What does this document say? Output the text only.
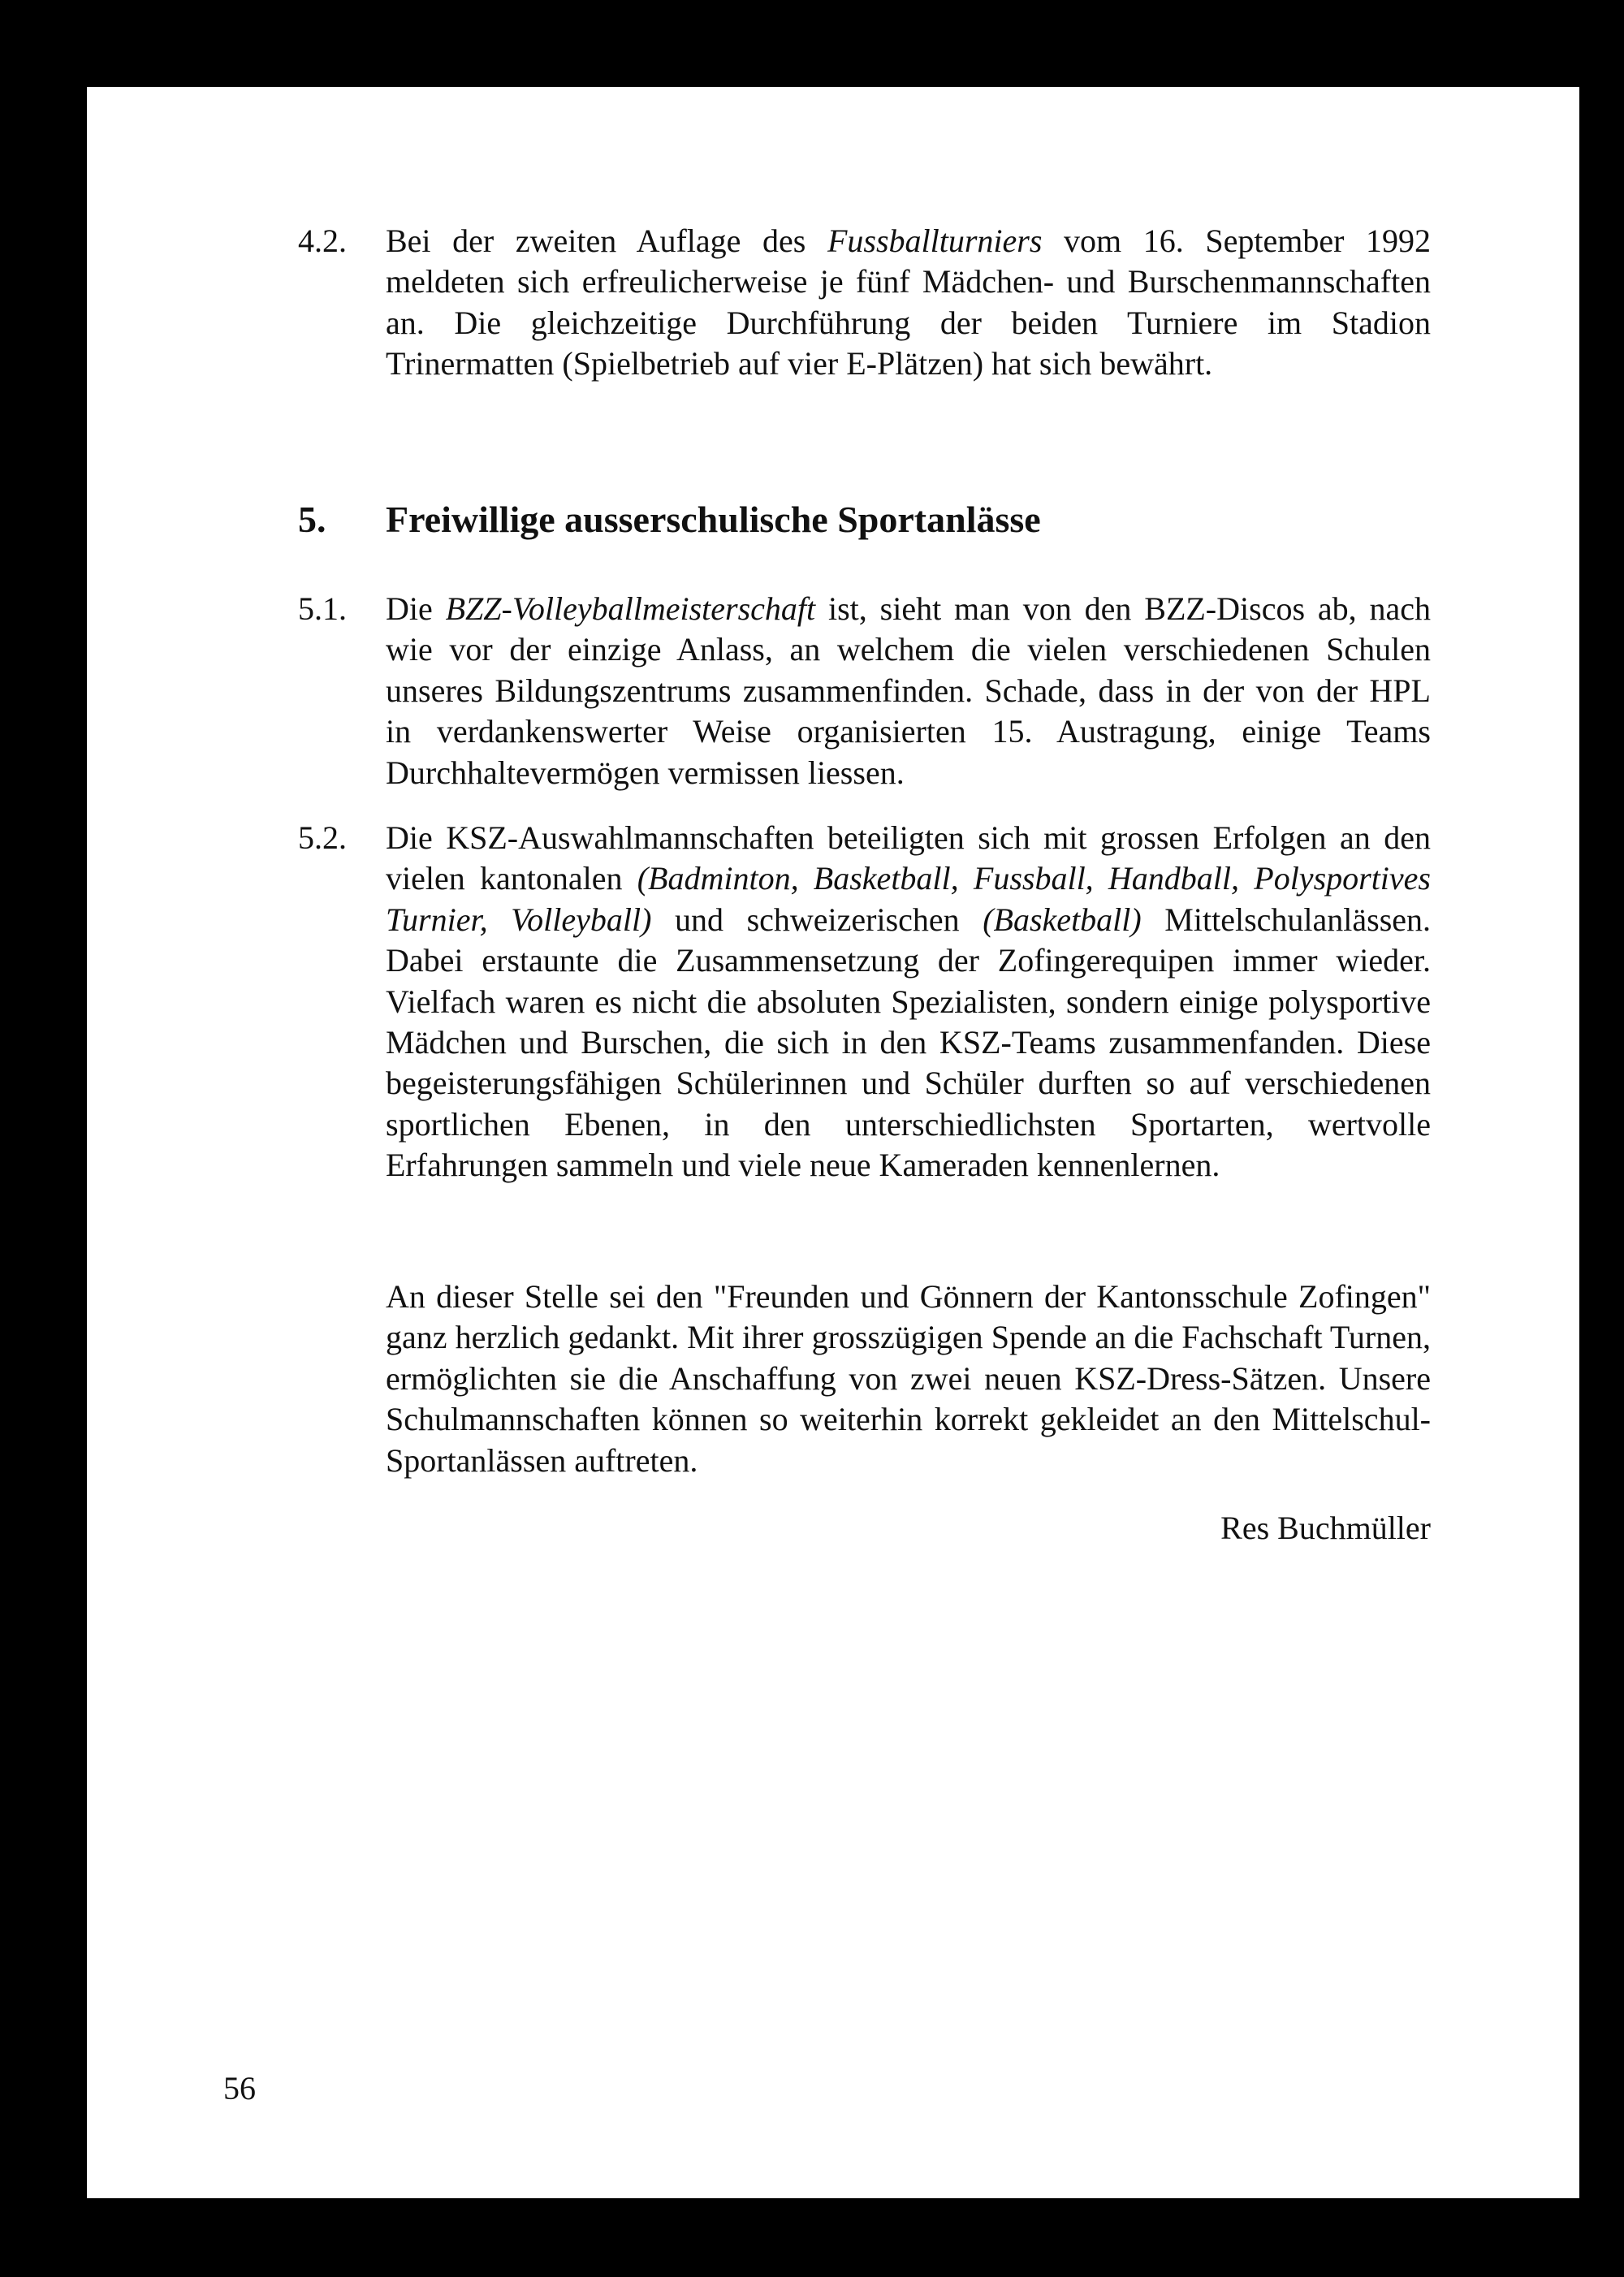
4.2. Bei der zweiten Auflage des Fussballturniers vom 16. September 1992 meldeten sich erfreulicherweise je fünf Mädchen- und Burschenmannschaften an. Die gleichzeitige Durchführung der beiden Turniere im Stadion Trinermatten (Spielbetrieb auf vier E-Plätzen) hat sich bewährt.
5. Freiwillige ausserschulische Sportanlässe
5.1. Die BZZ-Volleyballmeisterschaft ist, sieht man von den BZZ-Discos ab, nach wie vor der einzige Anlass, an welchem die vielen verschiedenen Schulen unseres Bildungszentrums zusammenfinden. Schade, dass in der von der HPL in verdankenswerter Weise organisierten 15. Austragung, einige Teams Durchhaltevermögen vermissen liessen.
5.2. Die KSZ-Auswahlmannschaften beteiligten sich mit grossen Erfolgen an den vielen kantonalen (Badminton, Basketball, Fussball, Handball, Polysportives Turnier, Volleyball) und schweizerischen (Basketball) Mittelschulanlässen. Dabei erstaunte die Zusammensetzung der Zofingerequipen immer wieder. Vielfach waren es nicht die absoluten Spezialisten, sondern einige polysportive Mädchen und Burschen, die sich in den KSZ-Teams zusammenfanden. Diese begeisterungsfähigen Schülerinnen und Schüler durften so auf verschiedenen sportlichen Ebenen, in den unterschiedlichsten Sportarten, wertvolle Erfahrungen sammeln und viele neue Kameraden kennenlernen.
An dieser Stelle sei den "Freunden und Gönnern der Kantonsschule Zofingen" ganz herzlich gedankt. Mit ihrer grosszügigen Spende an die Fachschaft Turnen, ermöglichten sie die Anschaffung von zwei neuen KSZ-Dress-Sätzen. Unsere Schulmannschaften können so weiterhin korrekt gekleidet an den Mittelschul-Sportanlässen auftreten.
Res Buchmüller
56
